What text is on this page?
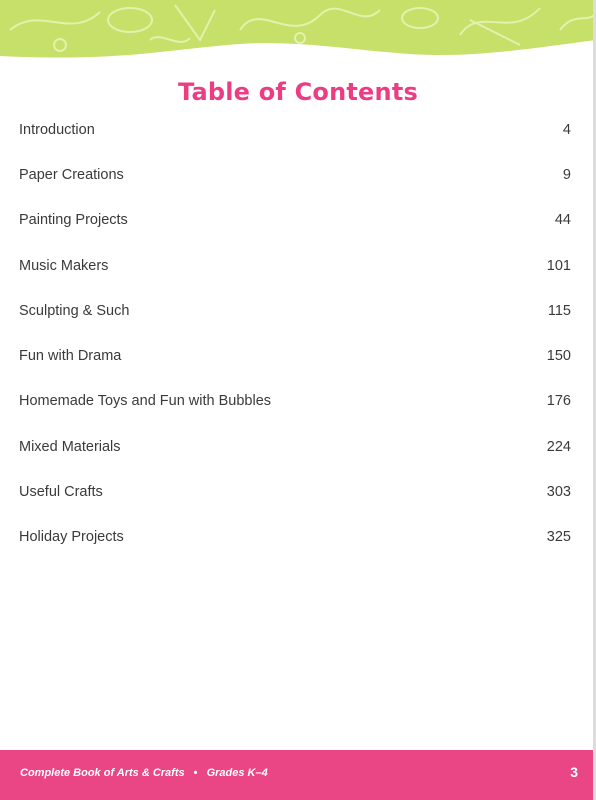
Table of Contents
Introduction	4
Paper Creations	9
Painting Projects	44
Music Makers	101
Sculpting & Such	115
Fun with Drama	150
Homemade Toys and Fun with Bubbles	176
Mixed Materials	224
Useful Crafts	303
Holiday Projects	325
Complete Book of Arts & Crafts • Grades K–4	3
